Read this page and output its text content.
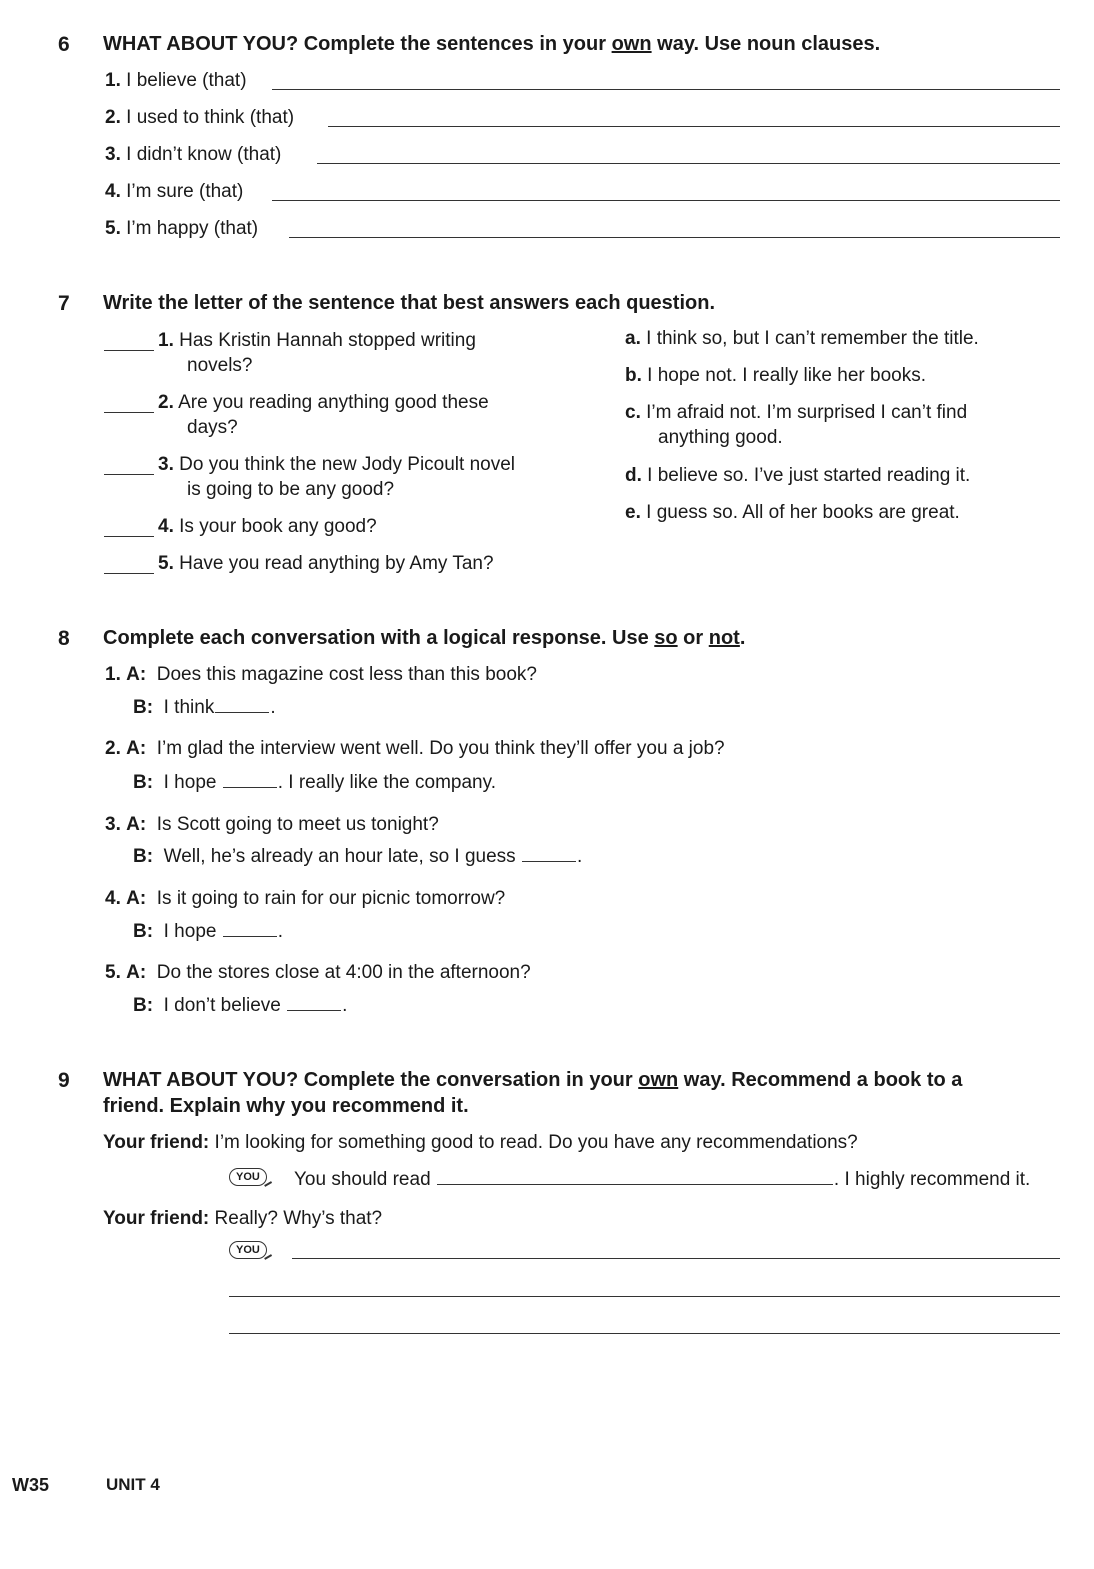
6 WHAT ABOUT YOU? Complete the sentences in your own way. Use noun clauses.
1. I believe (that)
2. I used to think (that)
3. I didn’t know (that)
4. I’m sure (that)
5. I’m happy (that)
7 Write the letter of the sentence that best answers each question.
1. Has Kristin Hannah stopped writing
novels?
2. Are you reading anything good these
days?
3. Do you think the new Jody Picoult novel
is going to be any good?
4. Is your book any good?
5. Have you read anything by Amy Tan?
a. I think so, but I can’t remember the title.
b. I hope not. I really like her books.
c. I’m afraid not. I’m surprised I can’t find
anything good.
d. I believe so. I’ve just started reading it.
e. I guess so. All of her books are great.
8 Complete each conversation with a logical response. Use so or not.
1. A: Does this magazine cost less than this book?
B: I think	.
2. A: I’m glad the interview went well. Do you think they’ll offer you a job?
B: I hope	. I really like the company.
3. A: Is Scott going to meet us tonight?
B: Well, he’s already an hour late, so I guess	.
4. A: Is it going to rain for our picnic tomorrow?
B: I hope	.
5. A: Do the stores close at 4:00 in the afternoon?
B: I don’t believe	.
9 WHAT ABOUT YOU? Complete the conversation in your own way. Recommend a book to a
friend. Explain why you recommend it.
Your friend: I’m looking for something good to read. Do you have any recommendations?
YOU	You should read	. I highly recommend it.
Your friend: Really? Why’s that?
YOU
W35	UNIT 4
